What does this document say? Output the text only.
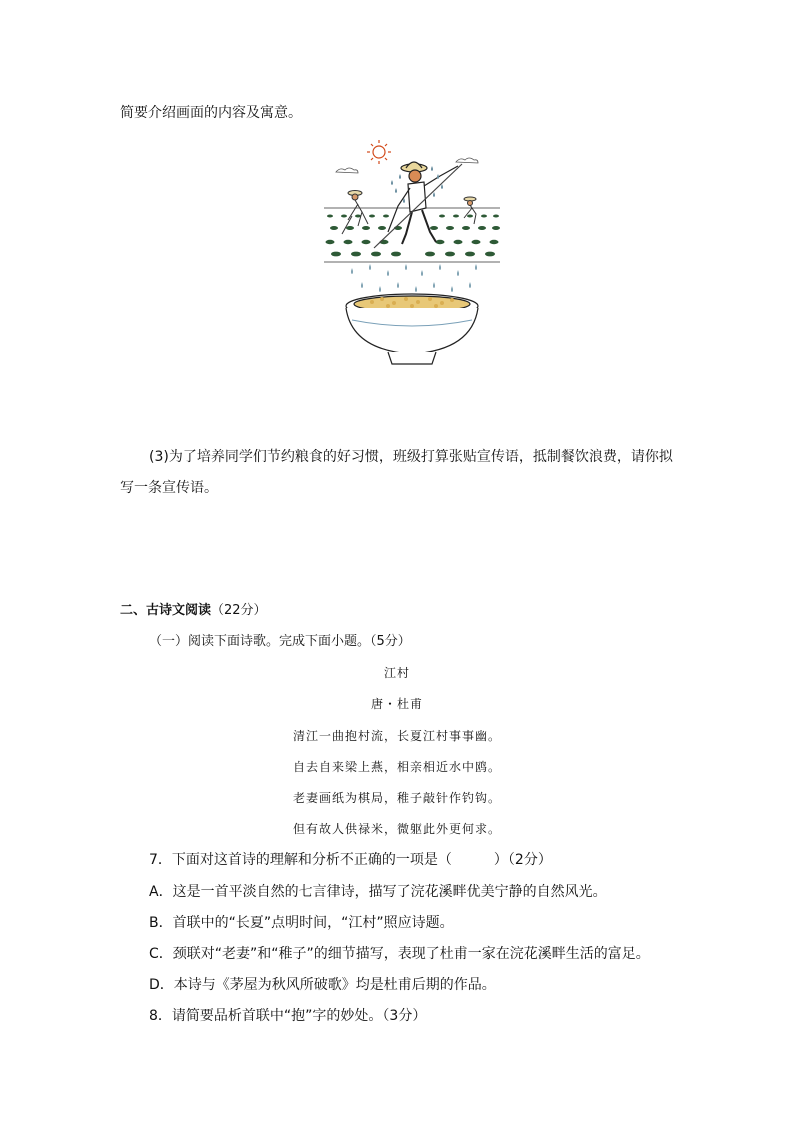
简要介绍画面的内容及寓意。
(3)为了培养同学们节约粮食的好习惯，班级打算张贴宣传语，抵制餐饮浪费，请你拟
写一条宣传语。
二、古诗文阅读（22分）
（一）阅读下面诗歌。完成下面小题。（5分）
江村
唐・杜甫
清江一曲抱村流，长夏江村事事幽。
自去自来梁上燕，相亲相近水中鸥。
老妻画纸为棋局，稚子敲针作钓钩。
但有故人供禄米，微躯此外更何求。
7．下面对这首诗的理解和分析不正确的一项是（　　　）（2分）
A．这是一首平淡自然的七言律诗，描写了浣花溪畔优美宁静的自然风光。
B．首联中的“长夏”点明时间，“江村”照应诗题。
C．颈联对“老妻”和“稚子”的细节描写，表现了杜甫一家在浣花溪畔生活的富足。
D．本诗与《茅屋为秋风所破歌》均是杜甫后期的作品。
8．请简要品析首联中“抱”字的妙处。（3分）
